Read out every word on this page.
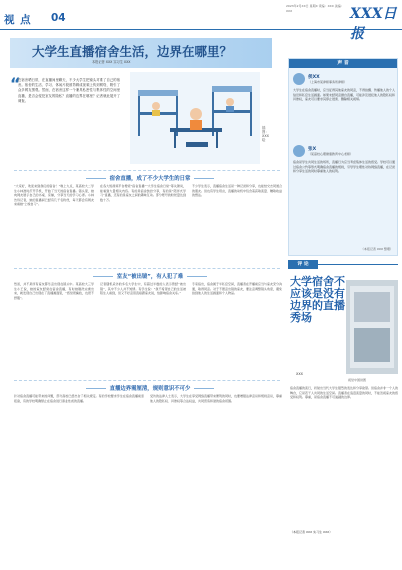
视 点 04
2023年2月XX日 星期X 责编：XXX 美编：XXX	XXX日报
大学生直播宿舍生活，边界在哪里？
本报记者 XXX 实习生 XXX
“
在宿舍晒日常，在直播间里聊天，不少大学生把镜头对准了自己的宿舍。宿舍的生活、学习、休闲片段被剪辑成视频上传到网络，吸引了众多网友围观。然而，在宿舍这样一个兼具私密性与集体性的空间里直播，是否会侵犯室友的隐私？直播的边界在哪里？记者就此展开了调查。
插图：XXX 绘
声 音
侯XX
（上海市某律师事务所律师）
大学生在宿舍直播时，应当征得其他室友的同意，不得拍摄、传播他人的个人信息和私密生活画面。如果未经同意擅自直播，可能涉及侵犯他人的隐私权和肖像权，室友可以要求其停止侵害、删除相关视频。
张X
（某高校心理健康教育中心老师）
宿舍是学生共同生活的场所，直播行为应当考虑集体生活的感受。学校可以通过宿舍公约等形式明确宿舍直播的规则，引导学生理性对待网络直播，在记录和分享生活的同时尊重他人的权利。
（本报记者 XXX 整理）
宿舍直播，成了不少大学生的日常
“大家好，欢迎来到我们的宿舍！”晚上九点，某高校大二学生小林准时打开手机，开始了当天的宿舍直播。镜头里，她向网友展示自己的书桌、床铺，分享当天的学习心得。小林告诉记者，她的直播间已经有几千名粉丝，每天都会有网友来看她“上晚自习”。
在各大短视频平台搜索“宿舍直播”“大学生宿舍日常”等关键词，能看到大量相关内容。有的是宿舍装扮分享，有的是“陪伴式学习”直播，还有的是室友之间的趣味互动。部分账号的粉丝量达到数十万。
不少学生表示，直播宿舍生活是一种记录和分享，也能结交志同道合的朋友。但也有学生坦言，直播的动机中包含着获取流量、赚取收益的想法。
室友“被出镜”，有人犯了难
然而，并不是所有室友都乐意出现在镜头中。某高校大三学生小王说，她的室友经常在宿舍直播，有时她刚洗完澡出来，就发现自己出现在了直播画面里，“感觉很尴尬，也很不舒服”。
记者随机采访的多名大学生中，有超过半数的人表示曾经“被出镜”，其中不少人并不知情。有学生说：“我不希望自己的生活被陌生人看到，但又不好意思直接跟室友说，怕影响宿舍关系。”
专家指出，宿舍属于半私密空间，直播者在开播前应当与室友充分沟通，取得同意。对于不愿意出镜的室友，要注意调整镜头角度，避免拍到他人的生活画面和个人物品。
直播边界需厘清，规则意识不可少
针对宿舍直播可能带来的问题，部分高校已经出台了相关规定。有的学校要求学生在宿舍直播前需报备，有的学校明确禁止在宿舍进行商业性质的直播。
受访的法律人士表示，大学生在享受网络直播带来便利的同时，也要增强法律意识和规则意识，尊重他人的隐私权、肖像权等合法权益，共同营造和谐的宿舍氛围。
评 论
大学宿舍不应该是没有边界的直播秀场
XXX
视觉中国供图
宿舍直播的流行，折射出当代大学生强烈的表达和分享欲望。但宿舍并非一个人的舞台，它是若干人共同的生活空间。直播者在追逐流量的同时，不能忽视室友的感受和权利。尊重，是宿舍直播不可逾越的边界。
（本报记者 XXX 实习生 XXX）
